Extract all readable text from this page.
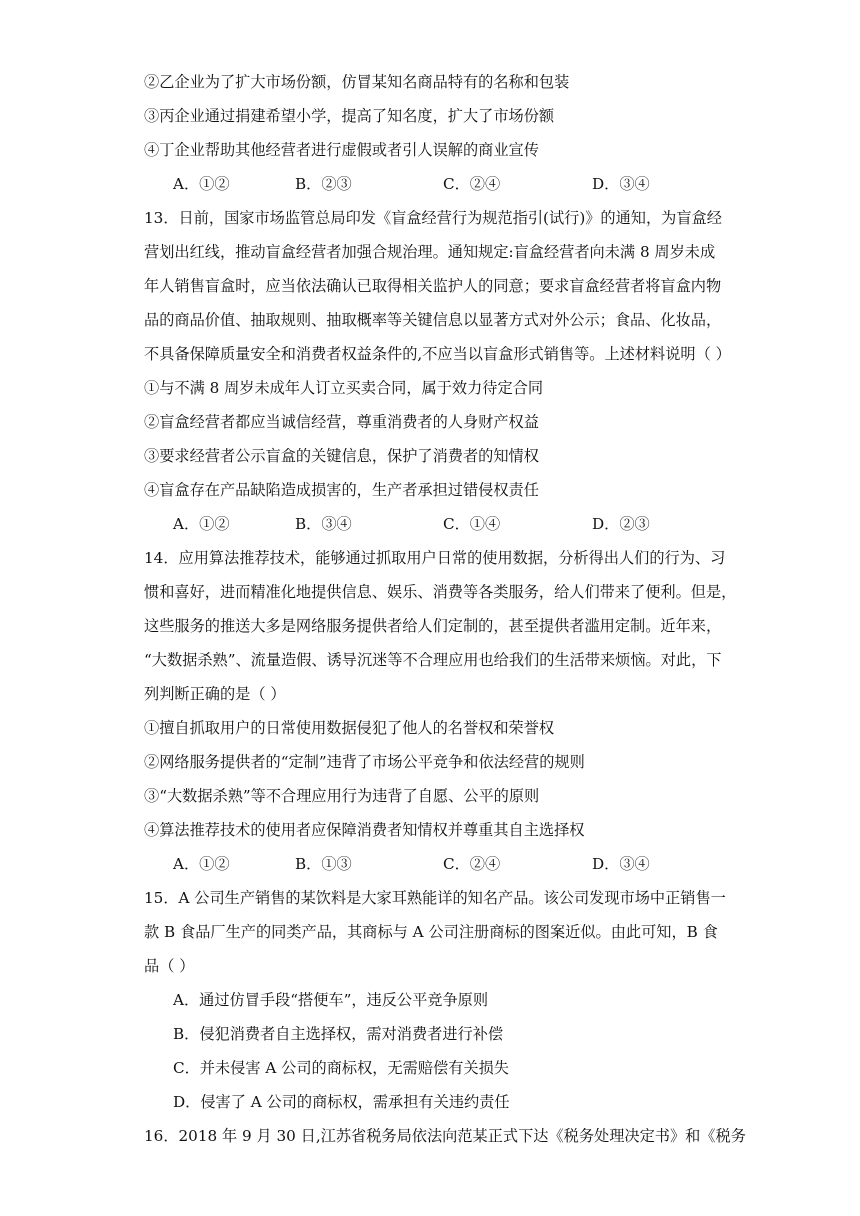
②乙企业为了扩大市场份额，仿冒某知名商品特有的名称和包装
③丙企业通过捐建希望小学，提高了知名度，扩大了市场份额
④丁企业帮助其他经营者进行虚假或者引人误解的商业宣传
A．①②	B．②③	C．②④	D．③④
13．日前，国家市场监管总局印发《盲盒经营行为规范指引(试行)》的通知，为盲盒经
营划出红线，推动盲盒经营者加强合规治理。通知规定:盲盒经营者向未满 8 周岁未成
年人销售盲盒时，应当依法确认已取得相关监护人的同意；要求盲盒经营者将盲盒内物
品的商品价值、抽取规则、抽取概率等关键信息以显著方式对外公示；食品、化妆品，
不具备保障质量安全和消费者权益条件的,不应当以盲盒形式销售等。上述材料说明（ ）
①与不满 8 周岁未成年人订立买卖合同，属于效力待定合同
②盲盒经营者都应当诚信经营，尊重消费者的人身财产权益
③要求经营者公示盲盒的关键信息，保护了消费者的知情权
④盲盒存在产品缺陷造成损害的，生产者承担过错侵权责任
A．①②	B．③④	C．①④	D．②③
14．应用算法推荐技术，能够通过抓取用户日常的使用数据，分析得出人们的行为、习
惯和喜好，进而精准化地提供信息、娱乐、消费等各类服务，给人们带来了便利。但是，
这些服务的推送大多是网络服务提供者给人们定制的，甚至提供者滥用定制。近年来，
“大数据杀熟”、流量造假、诱导沉迷等不合理应用也给我们的生活带来烦恼。对此，下
列判断正确的是（ ）
①擅自抓取用户的日常使用数据侵犯了他人的名誉权和荣誉权
②网络服务提供者的“定制”违背了市场公平竞争和依法经营的规则
③“大数据杀熟”等不合理应用行为违背了自愿、公平的原则
④算法推荐技术的使用者应保障消费者知情权并尊重其自主选择权
A．①②	B．①③	C．②④	D．③④
15．A 公司生产销售的某饮料是大家耳熟能详的知名产品。该公司发现市场中正销售一
款 B 食品厂生产的同类产品，其商标与 A 公司注册商标的图案近似。由此可知，B 食
品（ ）
A．通过仿冒手段“搭便车”，违反公平竞争原则
B．侵犯消费者自主选择权，需对消费者进行补偿
C．并未侵害 A 公司的商标权，无需赔偿有关损失
D．侵害了 A 公司的商标权，需承担有关违约责任
16．2018 年 9 月 30 日,江苏省税务局依法向范某正式下达《税务处理决定书》和《税务
